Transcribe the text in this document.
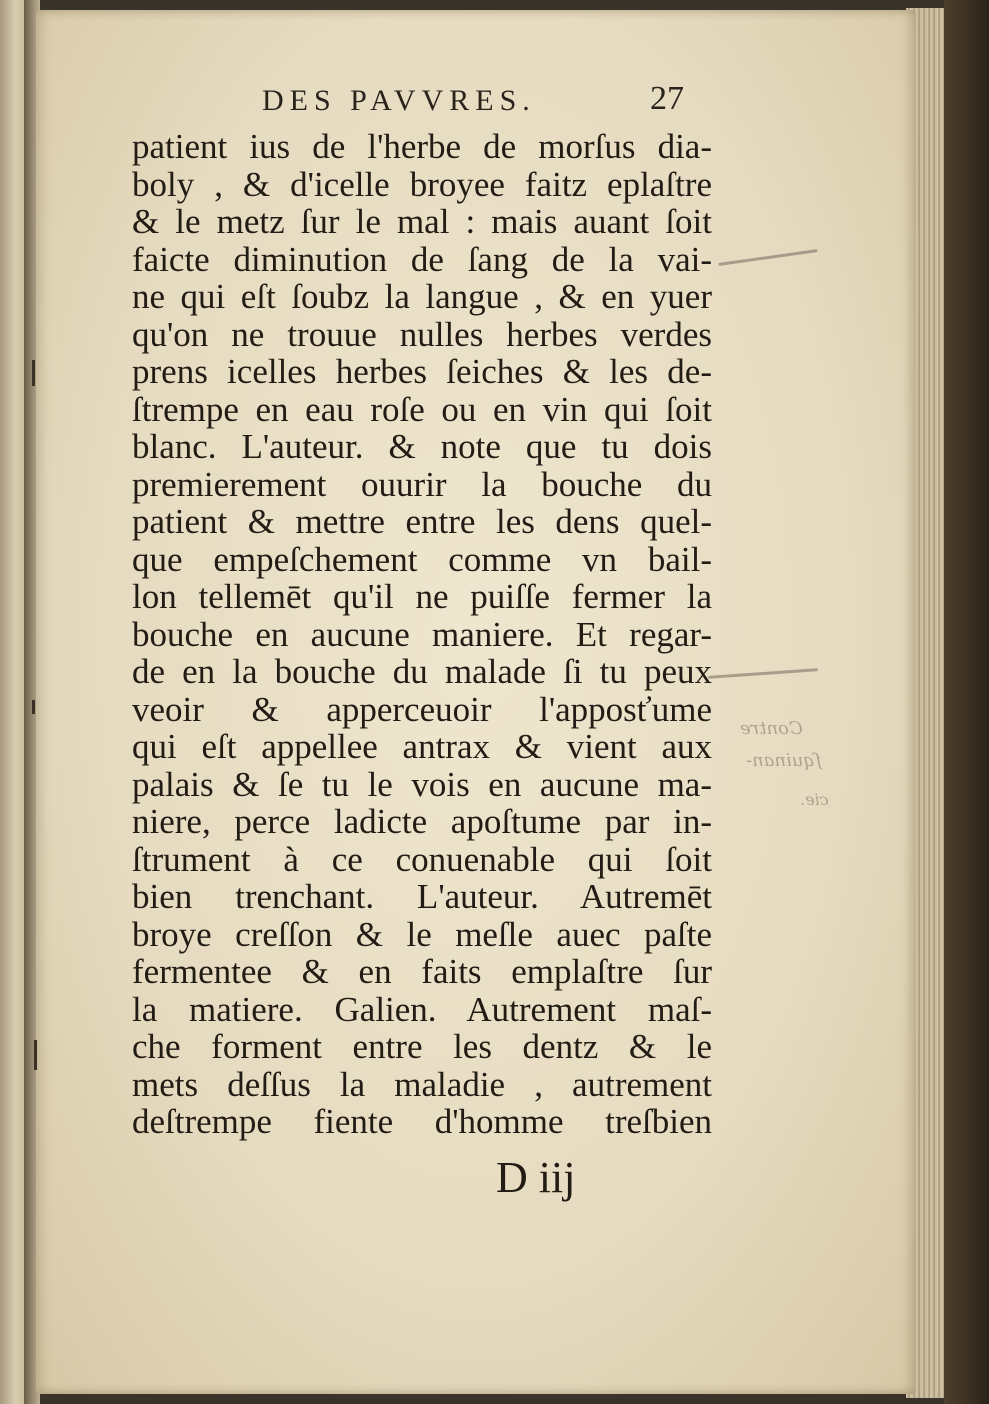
DES PAVVRES.	27
patient ius de l'herbe de morſus dia-
boly , & d'icelle broyee faitz eplaſtre
& le metz ſur le mal : mais auant ſoit
faicte diminution de ſang de la vai-
ne qui eſt ſoubz la langue , & en yuer
qu'on ne trouue nulles herbes verdes
prens icelles herbes ſeiches & les de-
ſtrempe en eau roſe ou en vin qui ſoit
blanc. L'auteur. & note que tu dois
premierement ouurir la bouche du
patient & mettre entre les dens quel-
que empeſchement comme vn bail-
lon tellemēt qu'il ne puiſſe fermer la
bouche en aucune maniere. Et regar-
de en la bouche du malade ſi tu peux
veoir & apperceuoir l'apposťume
qui eſt appellee antrax & vient aux
palais & ſe tu le vois en aucune ma-
niere, perce ladicte apoſtume par in-
ſtrument à ce conuenable qui ſoit
bien trenchant. L'auteur. Autremēt
broye creſſon & le meſle auec paſte
fermentee & en faits emplaſtre ſur
la matiere. Galien. Autrement maſ-
che forment entre les dentz & le
mets deſſus la maladie , autrement
deſtrempe fiente d'homme treſbien
Contre
ſquinan-
cie.
D iij
